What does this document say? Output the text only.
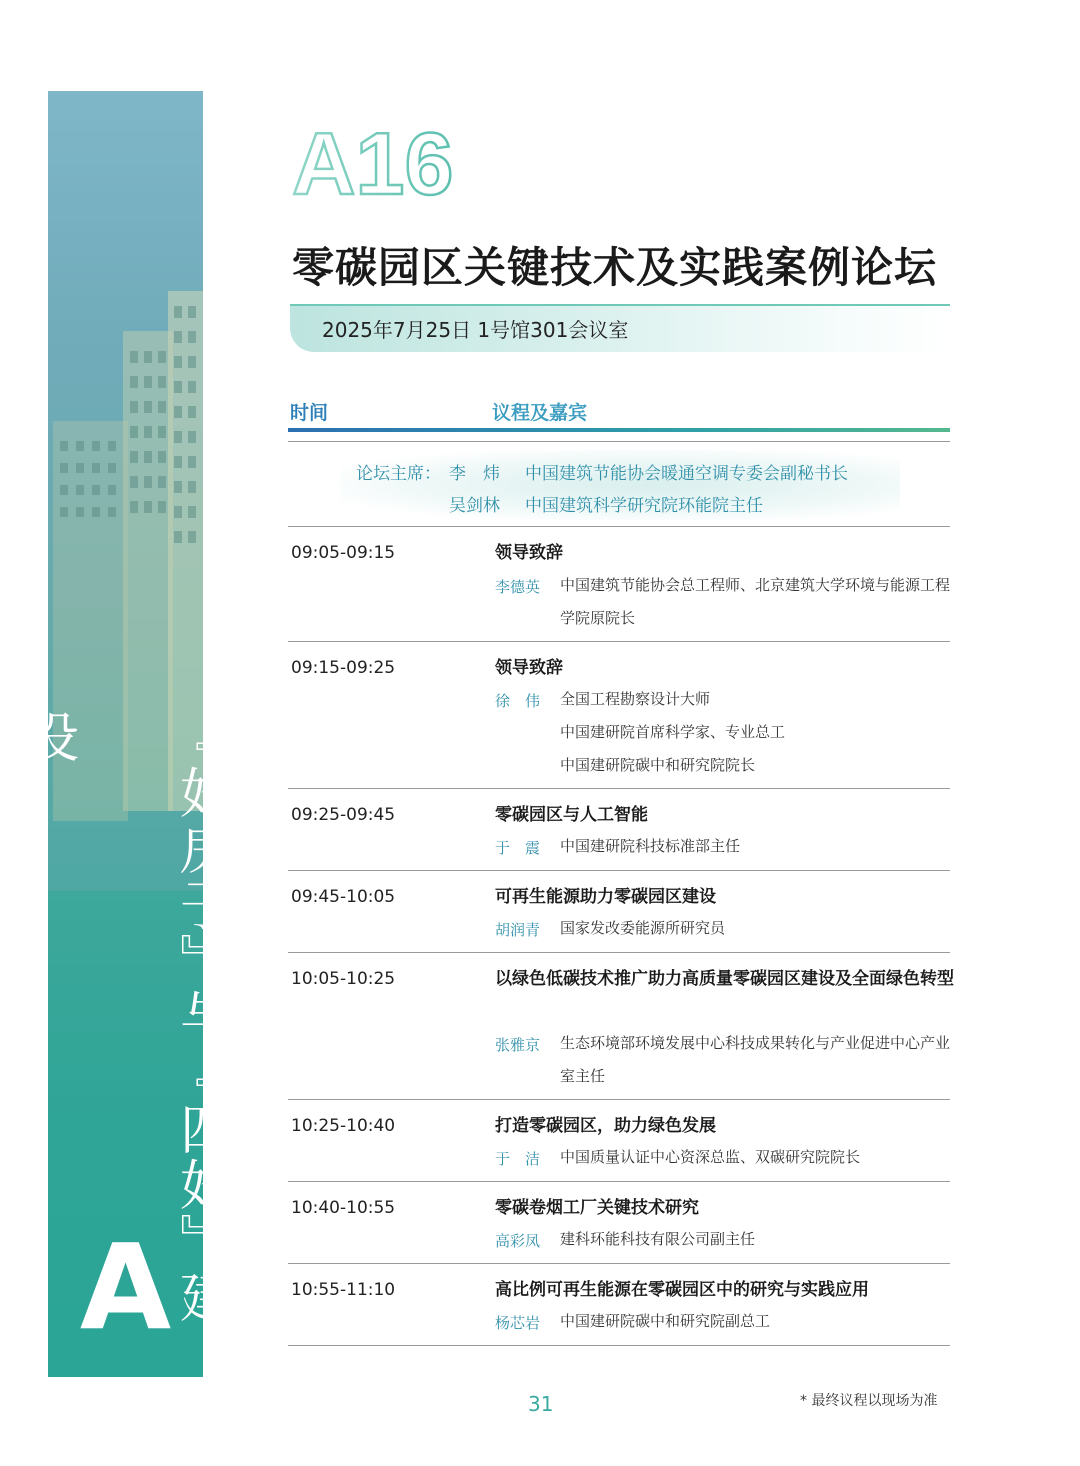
『好房子』与『四好』建设
A
A16
零碳园区关键技术及实践案例论坛
2025年7月25日 1号馆301会议室
时间	议程及嘉宾
论坛主席： 李　炜 中国建筑节能协会暖通空调专委会副秘书长
吴剑林 中国建筑科学研究院环能院主任
09:05-09:15	领导致辞
李德英 中国建筑节能协会总工程师、北京建筑大学环境与能源工程学院原院长
09:15-09:25	领导致辞
徐　伟 全国工程勘察设计大师
中国建研院首席科学家、专业总工
中国建研院碳中和研究院院长
09:25-09:45	零碳园区与人工智能
于　震 中国建研院科技标准部主任
09:45-10:05	可再生能源助力零碳园区建设
胡润青 国家发改委能源所研究员
10:05-10:25	以绿色低碳技术推广助力高质量零碳园区建设及全面绿色转型
张雅京 生态环境部环境发展中心科技成果转化与产业促进中心产业室主任
10:25-10:40	打造零碳园区，助力绿色发展
于　洁 中国质量认证中心资深总监、双碳研究院院长
10:40-10:55	零碳卷烟工厂关键技术研究
高彩凤 建科环能科技有限公司副主任
10:55-11:10	高比例可再生能源在零碳园区中的研究与实践应用
杨芯岩 中国建研院碳中和研究院副总工
31	* 最终议程以现场为准
